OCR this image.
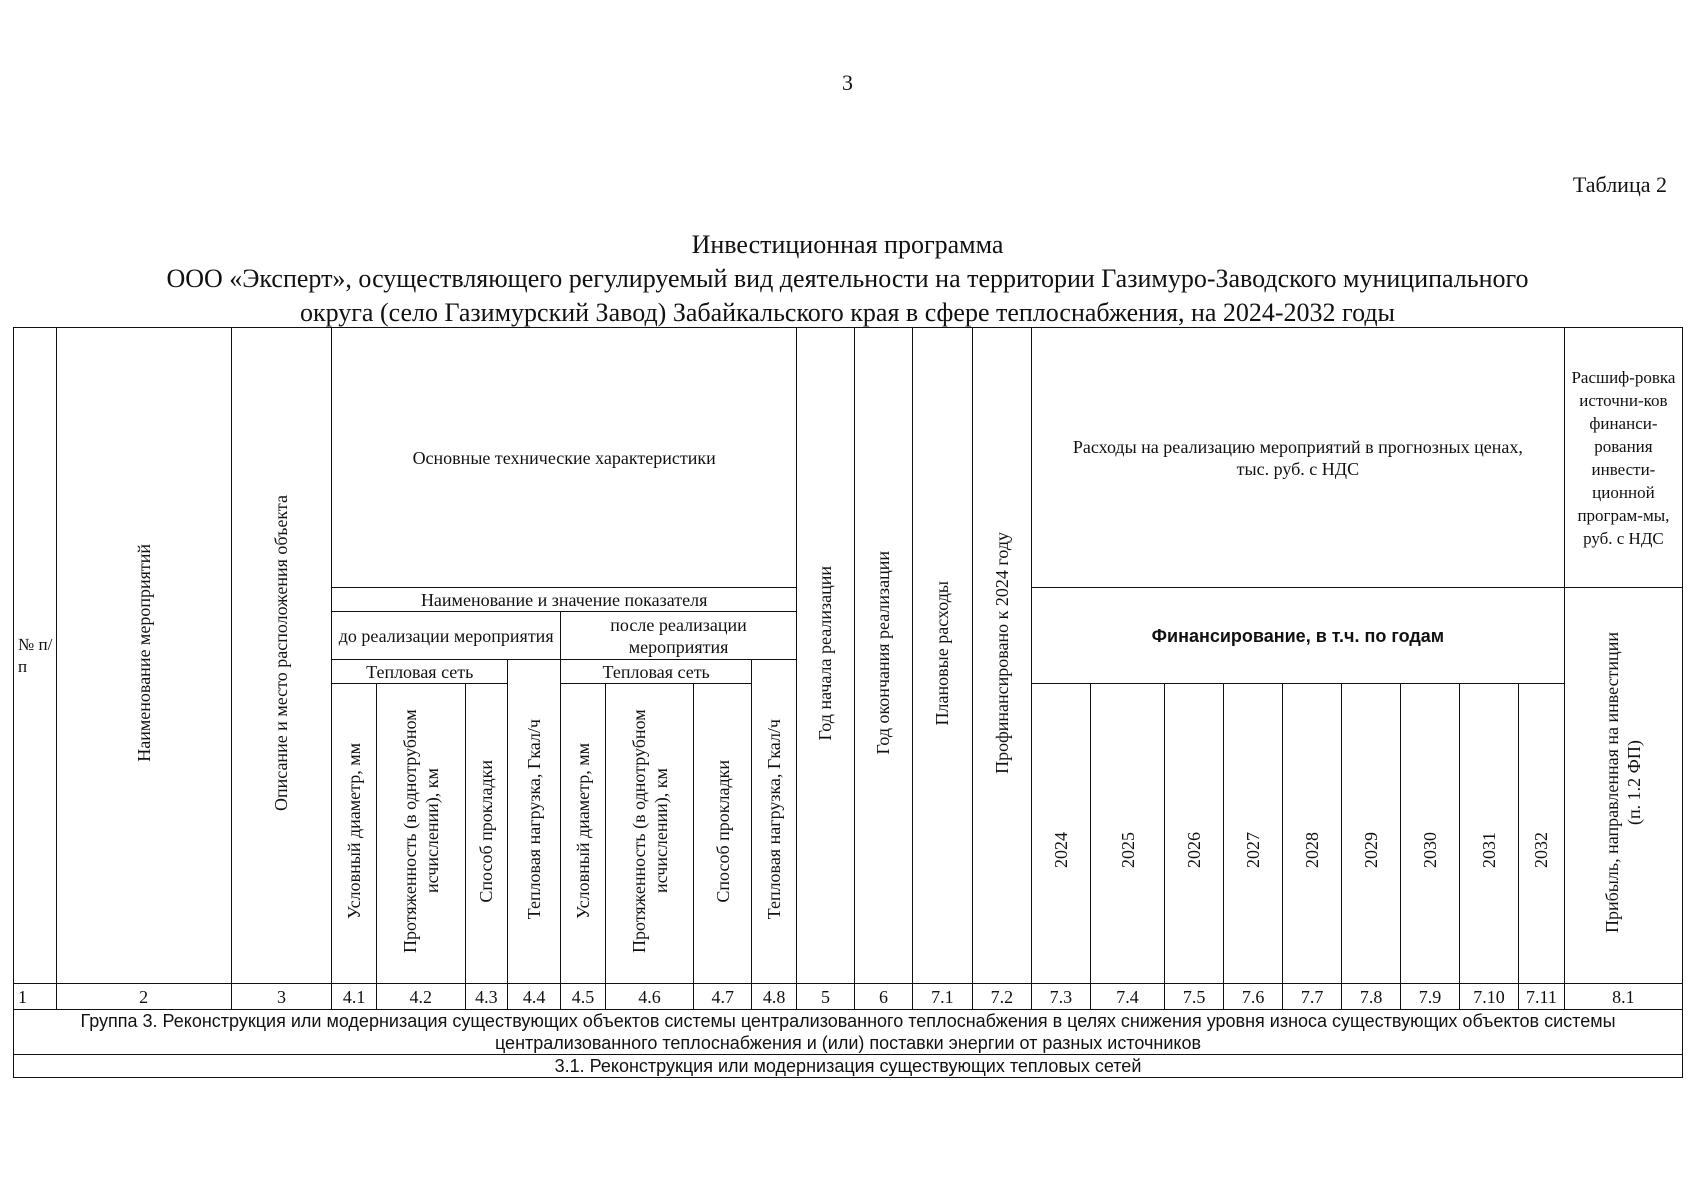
3
Таблица 2
Инвестиционная программа
ООО «Эксперт», осуществляющего регулируемый вид деятельности на территории Газимуро-Заводского муниципального
округа (село Газимурский Завод) Забайкальского края в сфере теплоснабжения, на 2024-2032 годы
№ п/п	Наименование мероприятий	Описание и место расположения объекта	Основные технические характеристики								Год начала реализации	Год окончания реализации	Плановые расходы	Профинансировано к 2024 году	Расходы на реализацию мероприятий в прогнозных ценах, тыс. руб. с НДС									Расшиф-ровка источни-ков финанси-рования инвести-ционной програм-мы, руб. с НДС
			Наименование и значение показателя												Финансирование, в т.ч. по годам									Прибыль, направленная на инвестиции (п. 1.2 ФП)
			до реализации мероприятия				после реализации мероприятия																	
			Тепловая сеть			Тепловая нагрузка, Гкал/ч	Тепловая сеть			Тепловая нагрузка, Гкал/ч														
			Условный диаметр, мм	Протяженность (в однотрубном исчислении), км	Способ прокладки		Условный диаметр, мм	Протяженность (в однотрубном исчислении), км	Способ прокладки						2024	2025	2026	2027	2028	2029	2030	2031	2032	
1	2	3	4.1	4.2	4.3	4.4	4.5	4.6	4.7	4.8	5	6	7.1	7.2	7.3	7.4	7.5	7.6	7.7	7.8	7.9	7.10	7.11	8.1
Группа 3. Реконструкция или модернизация существующих объектов системы централизованного теплоснабжения в целях снижения уровня износа существующих объектов системы централизованного теплоснабжения и (или) поставки энергии от разных источников																								
3.1. Реконструкция или модернизация существующих тепловых сетей																								
